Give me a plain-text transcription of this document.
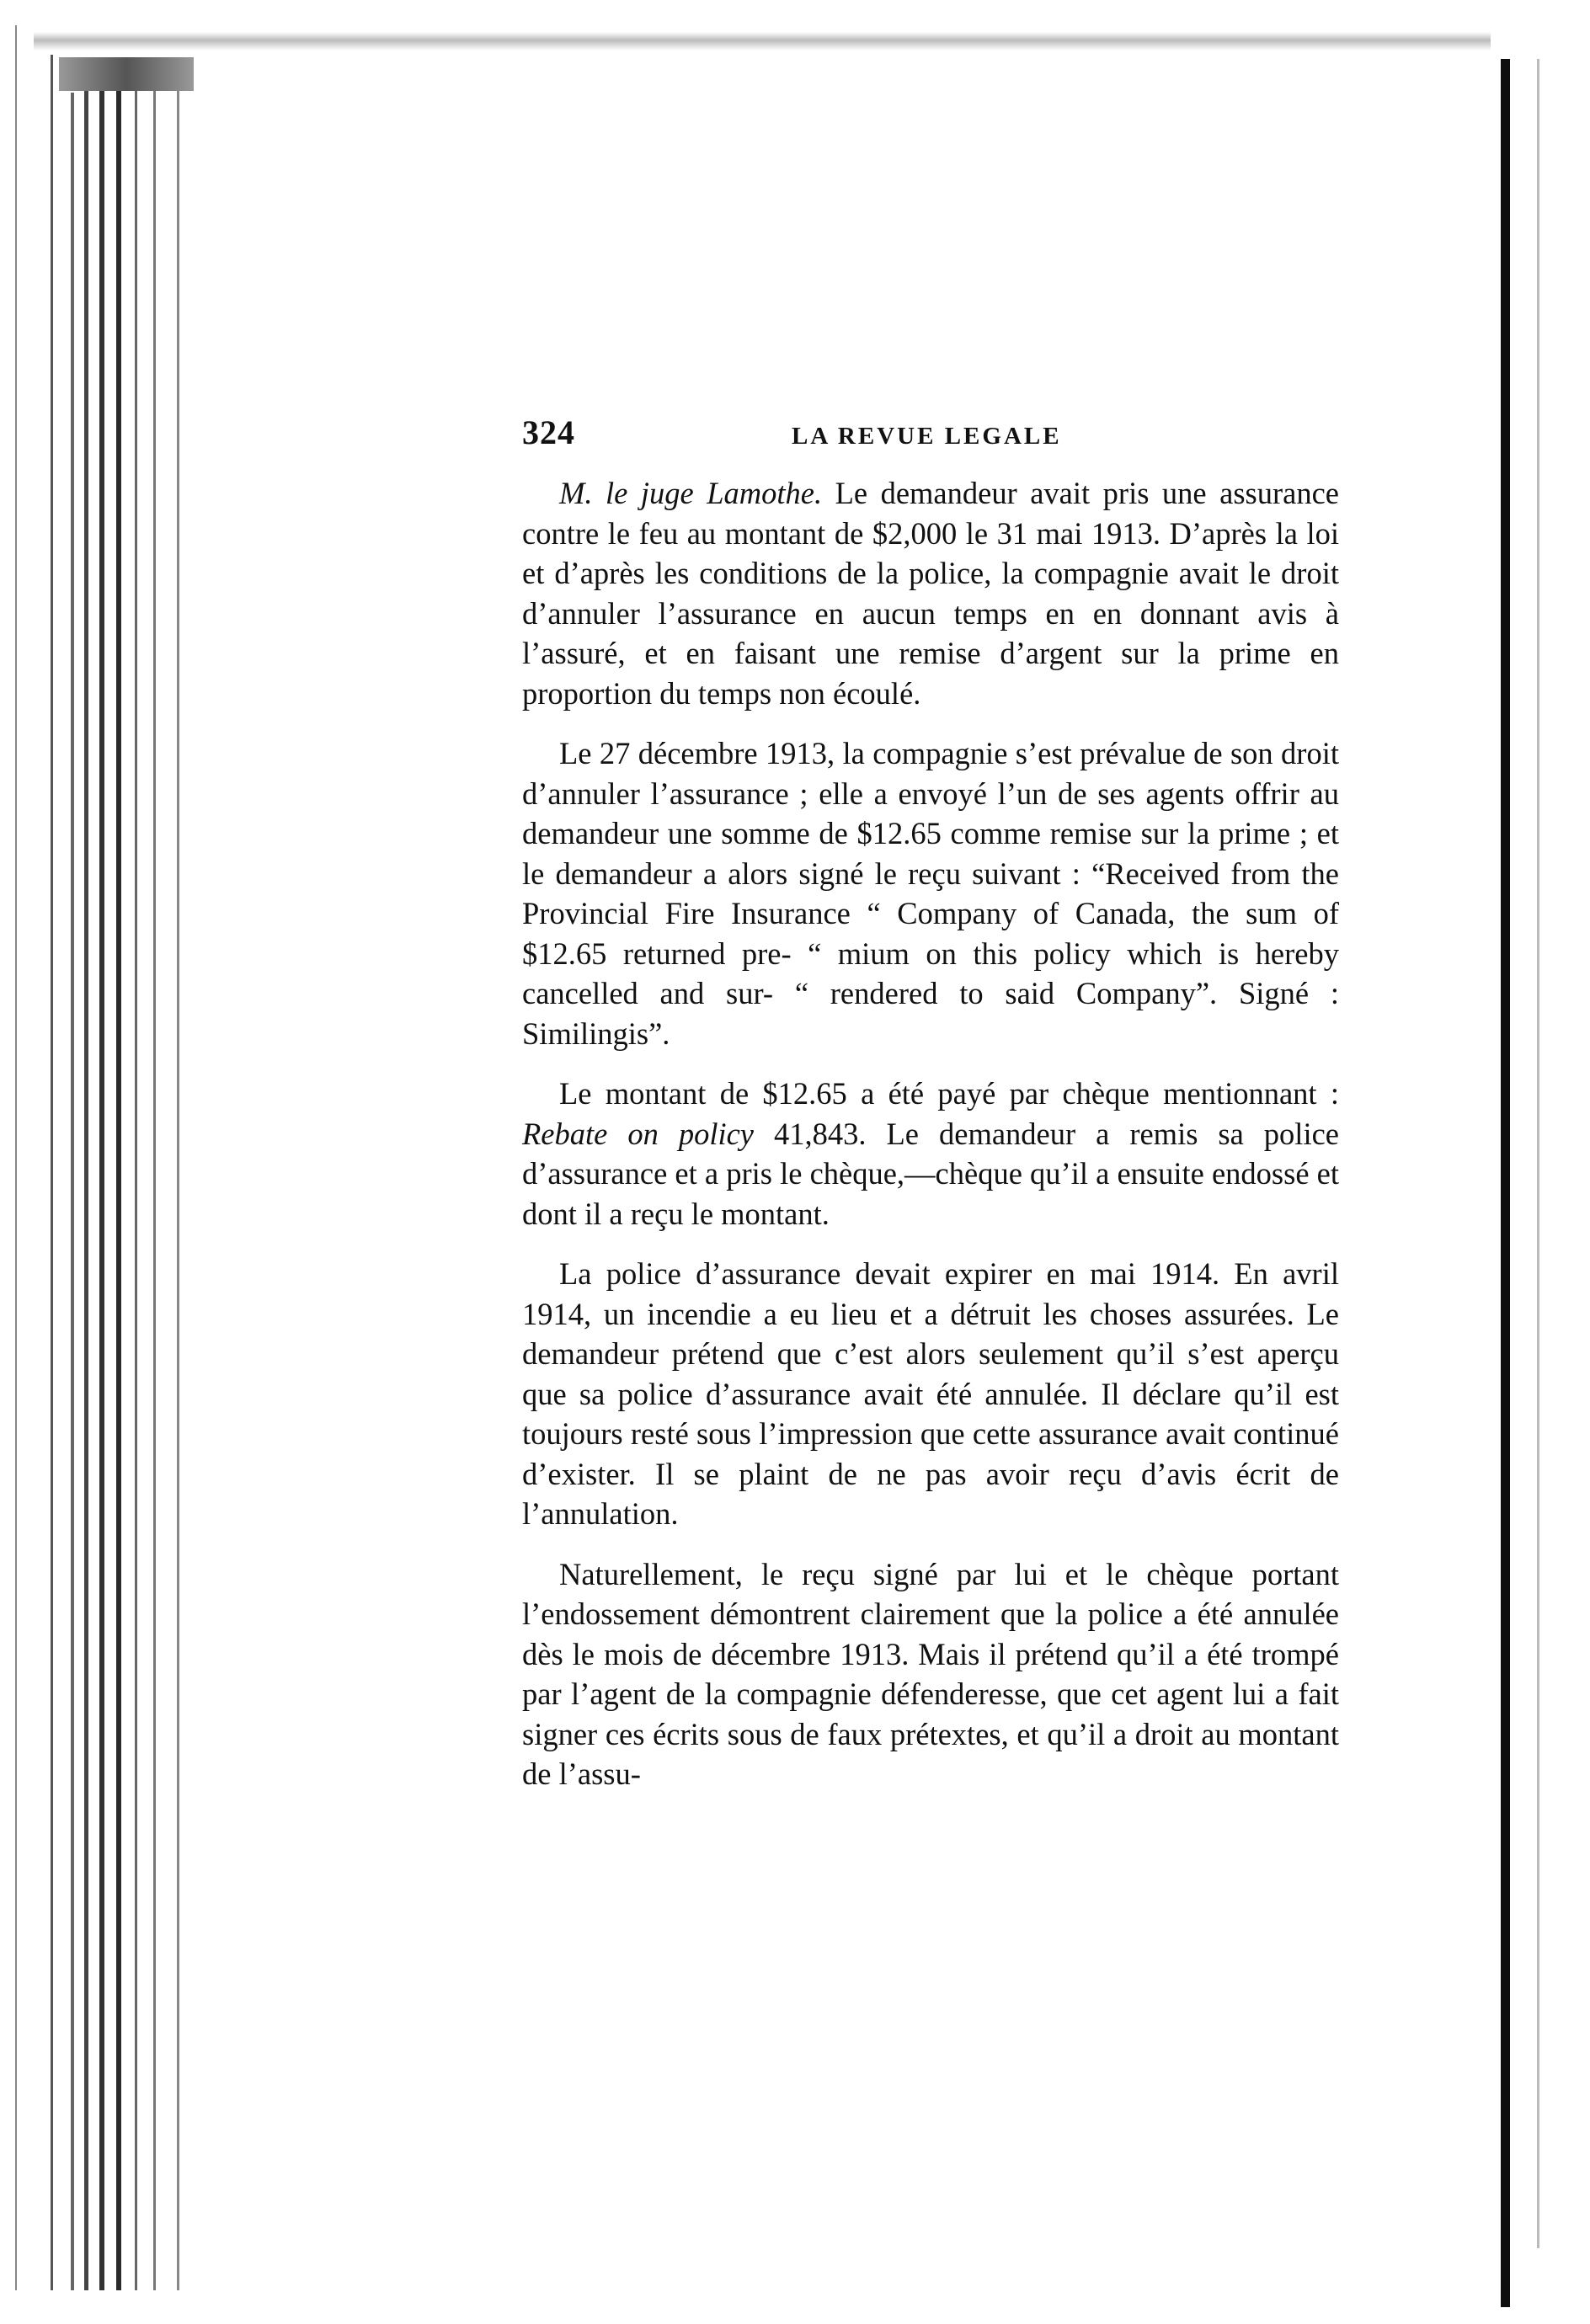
324	LA REVUE LEGALE

M. le juge Lamothe. Le demandeur avait pris une assurance contre le feu au montant de $2,000 le 31 mai 1913. D’après la loi et d’après les conditions de la police, la compagnie avait le droit d’annuler l’assurance en aucun temps en en donnant avis à l’assuré, et en faisant une remise d’argent sur la prime en proportion du temps non écoulé.

Le 27 décembre 1913, la compagnie s’est prévalue de son droit d’annuler l’assurance ; elle a envoyé l’un de ses agents offrir au demandeur une somme de $12.65 comme remise sur la prime ; et le demandeur a alors signé le reçu suivant : “Received from the Provincial Fire Insurance “ Company of Canada, the sum of $12.65 returned pre- “ mium on this policy which is hereby cancelled and sur- “ rendered to said Company”. Signé : Similingis”.

Le montant de $12.65 a été payé par chèque mentionnant : Rebate on policy 41,843. Le demandeur a remis sa police d’assurance et a pris le chèque,—chèque qu’il a ensuite endossé et dont il a reçu le montant.

La police d’assurance devait expirer en mai 1914. En avril 1914, un incendie a eu lieu et a détruit les choses assurées. Le demandeur prétend que c’est alors seulement qu’il s’est aperçu que sa police d’assurance avait été annulée. Il déclare qu’il est toujours resté sous l’impression que cette assurance avait continué d’exister. Il se plaint de ne pas avoir reçu d’avis écrit de l’annulation.

Naturellement, le reçu signé par lui et le chèque portant l’endossement démontrent clairement que la police a été annulée dès le mois de décembre 1913. Mais il prétend qu’il a été trompé par l’agent de la compagnie défenderesse, que cet agent lui a fait signer ces écrits sous de faux prétextes, et qu’il a droit au montant de l’assu-
